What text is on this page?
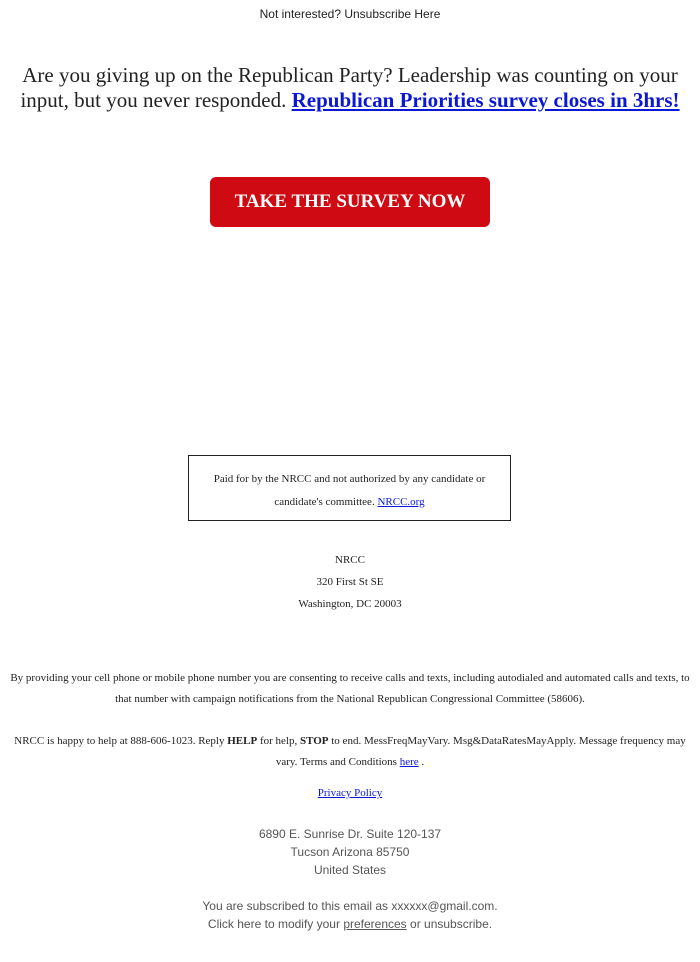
Not interested? Unsubscribe Here
Are you giving up on the Republican Party? Leadership was counting on your input, but you never responded. Republican Priorities survey closes in 3hrs!
TAKE THE SURVEY NOW
Paid for by the NRCC and not authorized by any candidate or candidate's committee. NRCC.org
NRCC
320 First St SE
Washington, DC 20003
By providing your cell phone or mobile phone number you are consenting to receive calls and texts, including autodialed and automated calls and texts, to that number with campaign notifications from the National Republican Congressional Committee (58606).
NRCC is happy to help at 888-606-1023. Reply HELP for help, STOP to end. MessFreqMayVary. Msg&DataRatesMayApply. Message frequency may vary. Terms and Conditions here .
Privacy Policy
6890 E. Sunrise Dr. Suite 120-137
Tucson Arizona 85750
United States
You are subscribed to this email as xxxxxx@gmail.com.
Click here to modify your preferences or unsubscribe.
